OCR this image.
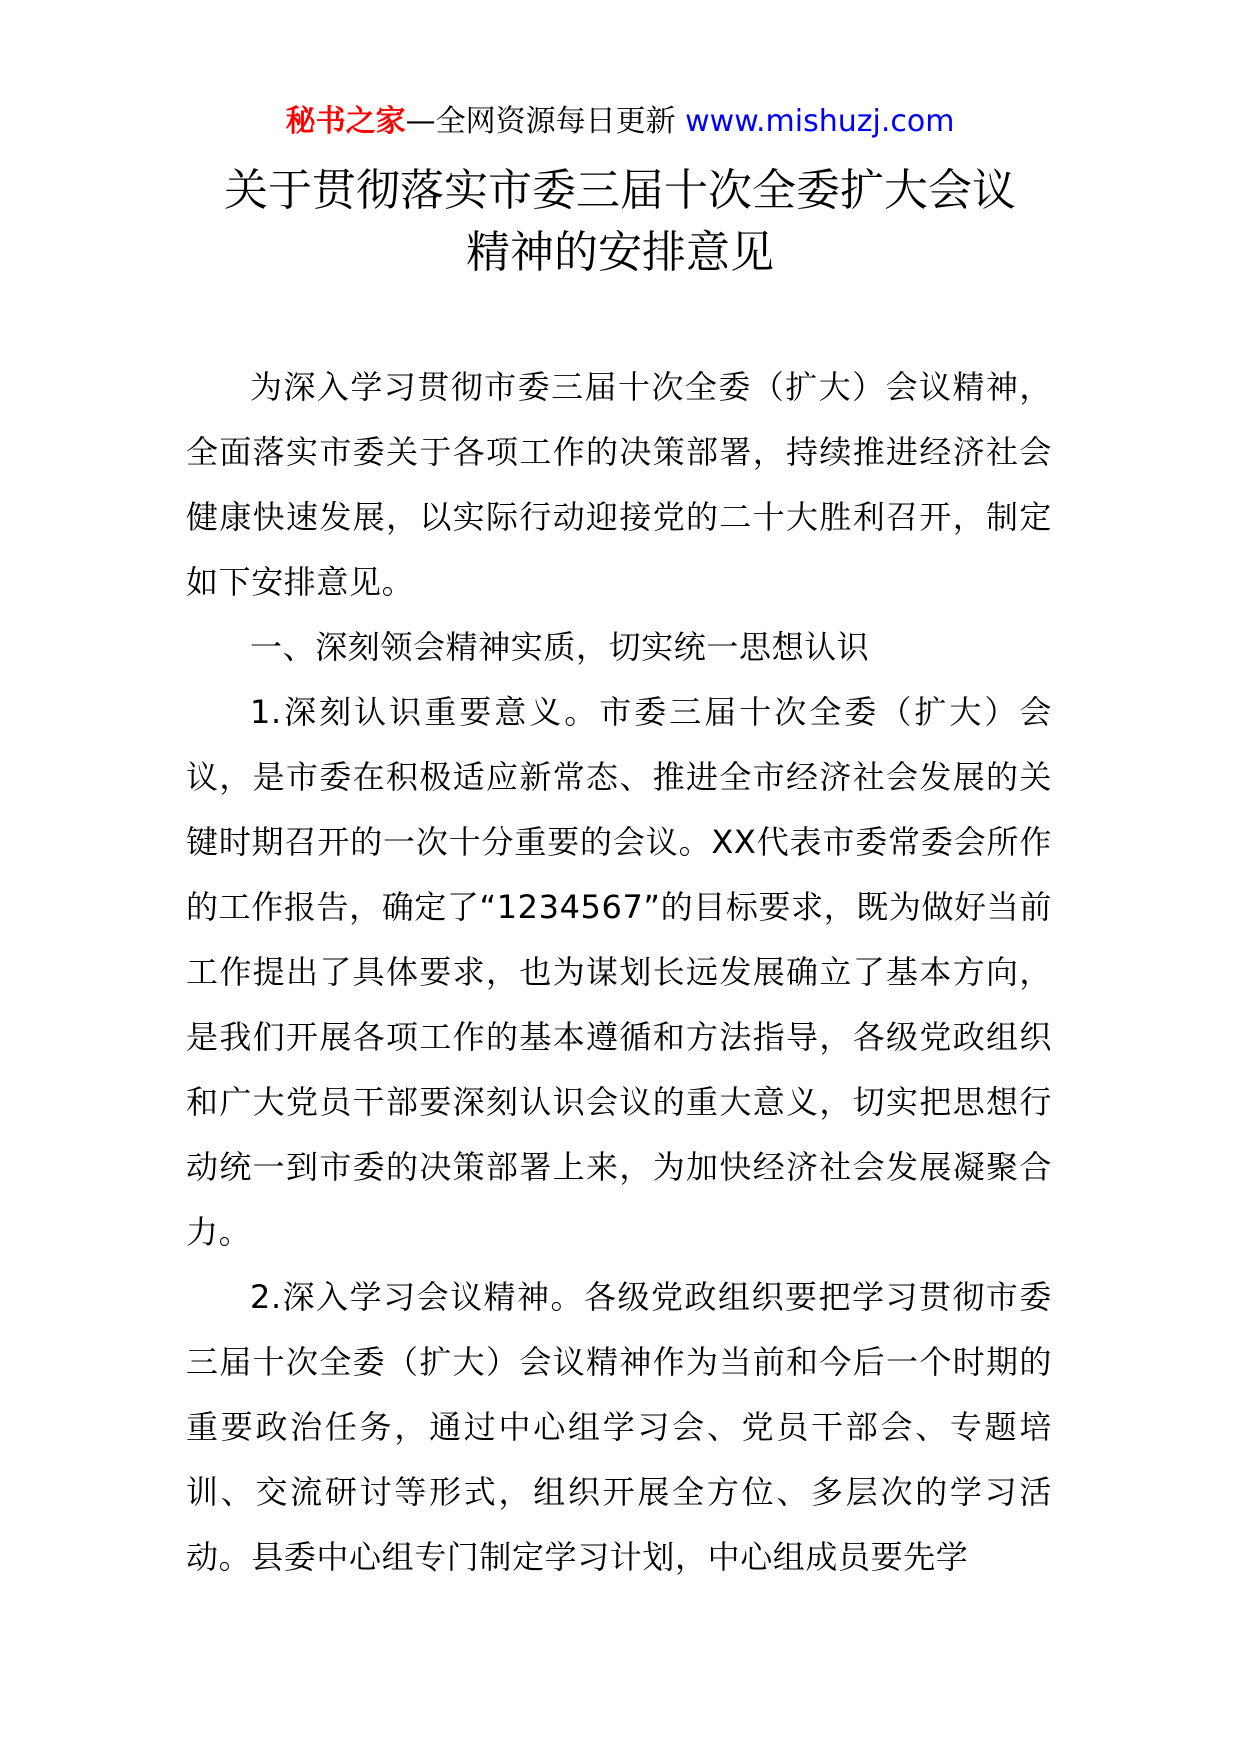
秘书之家—全网资源每日更新 www.mishuzj.com
关于贯彻落实市委三届十次全委扩大会议
精神的安排意见

为深入学习贯彻市委三届十次全委（扩大）会议精神，全面落实市委关于各项工作的决策部署，持续推进经济社会健康快速发展，以实际行动迎接党的二十大胜利召开，制定如下安排意见。

一、深刻领会精神实质，切实统一思想认识

1.深刻认识重要意义。市委三届十次全委（扩大）会议，是市委在积极适应新常态、推进全市经济社会发展的关键时期召开的一次十分重要的会议。XX代表市委常委会所作的工作报告，确定了“1234567”的目标要求，既为做好当前工作提出了具体要求，也为谋划长远发展确立了基本方向，是我们开展各项工作的基本遵循和方法指导，各级党政组织和广大党员干部要深刻认识会议的重大意义，切实把思想行动统一到市委的决策部署上来，为加快经济社会发展凝聚合力。

2.深入学习会议精神。各级党政组织要把学习贯彻市委三届十次全委（扩大）会议精神作为当前和今后一个时期的重要政治任务，通过中心组学习会、党员干部会、专题培训、交流研讨等形式，组织开展全方位、多层次的学习活动。县委中心组专门制定学习计划，中心组成员要先学
